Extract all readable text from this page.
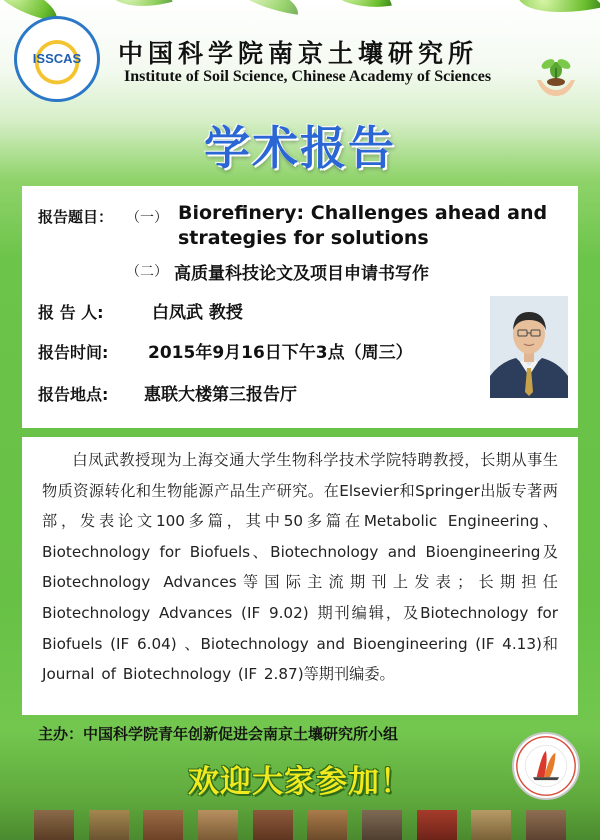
ISSCAS	中国科学院南京土壤研究所
Institute of Soil Science, Chinese Academy of Sciences
学术报告
报告题目： （一） Biorefinery: Challenges ahead and strategies for solutions
（二） 高质量科技论文及项目申请书写作
报 告 人:	白凤武 教授
报告时间: 2015年9月16日下午3点（周三）
报告地点: 惠联大楼第三报告厅

白凤武教授现为上海交通大学生物科学技术学院特聘教授，长期从事生物质资源转化和生物能源产品生产研究。在Elsevier和Springer出版专著两部，发表论文100多篇，其中50多篇在Metabolic Engineering、Biotechnology for Biofuels、Biotechnology and Bioengineering及Biotechnology Advances等国际主流期刊上发表；长期担任Biotechnology Advances (IF 9.02) 期刊编辑，及Biotechnology for Biofuels (IF 6.04) 、Biotechnology and Bioengineering (IF 4.13)和Journal of Biotechnology (IF 2.87)等期刊编委。

主办：中国科学院青年创新促进会南京土壤研究所小组
欢迎大家参加！
